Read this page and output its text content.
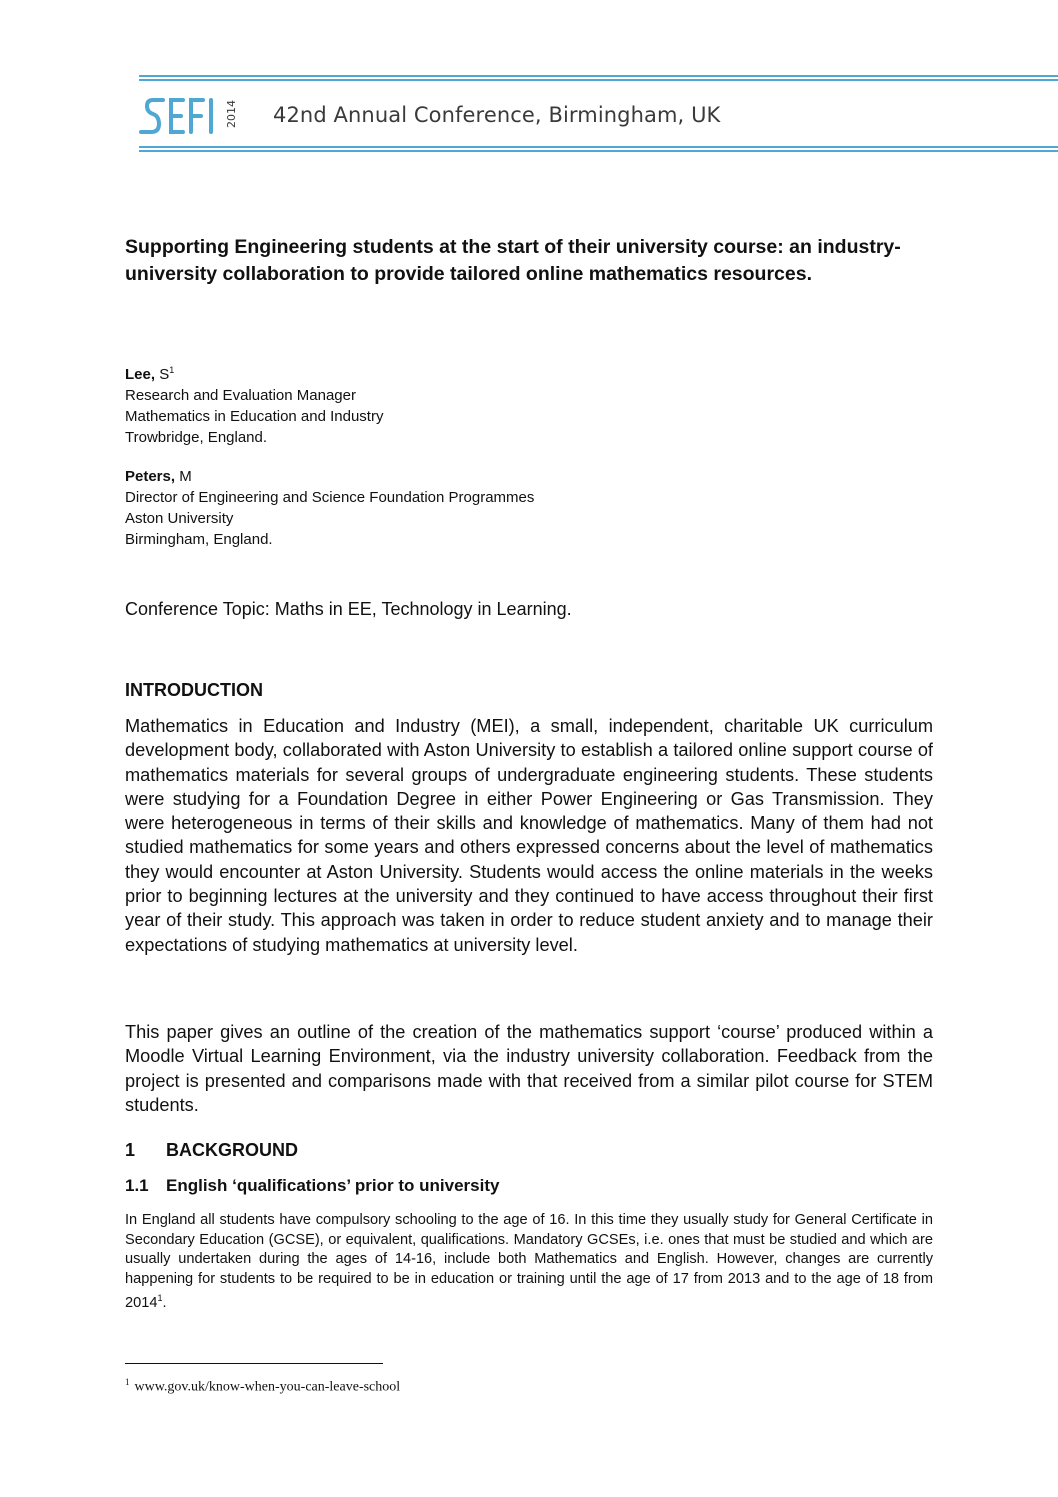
2014 42nd Annual Conference, Birmingham, UK
Supporting Engineering students at the start of their university course: an industry-university collaboration to provide tailored online mathematics resources.
Lee, $S^1$
Research and Evaluation Manager
Mathematics in Education and Industry
Trowbridge, England.
Peters, M
Director of Engineering and Science Foundation Programmes
Aston University
Birmingham, England.
Conference Topic: Maths in EE, Technology in Learning.
INTRODUCTION

Mathematics in Education and Industry (MEI), a small, independent, charitable UK curriculum development body, collaborated with Aston University to establish a tailored online support course of mathematics materials for several groups of undergraduate engineering students. These students were studying for a Foundation Degree in either Power Engineering or Gas Transmission. They were heterogeneous in terms of their skills and knowledge of mathematics. Many of them had not studied mathematics for some years and others expressed concerns about the level of mathematics they would encounter at Aston University. Students would access the online materials in the weeks prior to beginning lectures at the university and they continued to have access throughout their first year of their study. This approach was taken in order to reduce student anxiety and to manage their expectations of studying mathematics at university level.

This paper gives an outline of the creation of the mathematics support ‘course’ produced within a Moodle Virtual Learning Environment, via the industry university collaboration. Feedback from the project is presented and comparisons made with that received from a similar pilot course for STEM students.

1 BACKGROUND
1.1 English ‘qualifications’ prior to university

In England all students have compulsory schooling to the age of 16. In this time they usually study for General Certificate in Secondary Education (GCSE), or equivalent, qualifications. Mandatory GCSEs, i.e. ones that must be studied and which are usually undertaken during the ages of 14-16, include both Mathematics and English. However, changes are currently happening for students to be required to be in education or training until the age of 17 from 2013 and to the age of 18 from 2014$^1$.

$^1$ www.gov.uk/know-when-you-can-leave-school
